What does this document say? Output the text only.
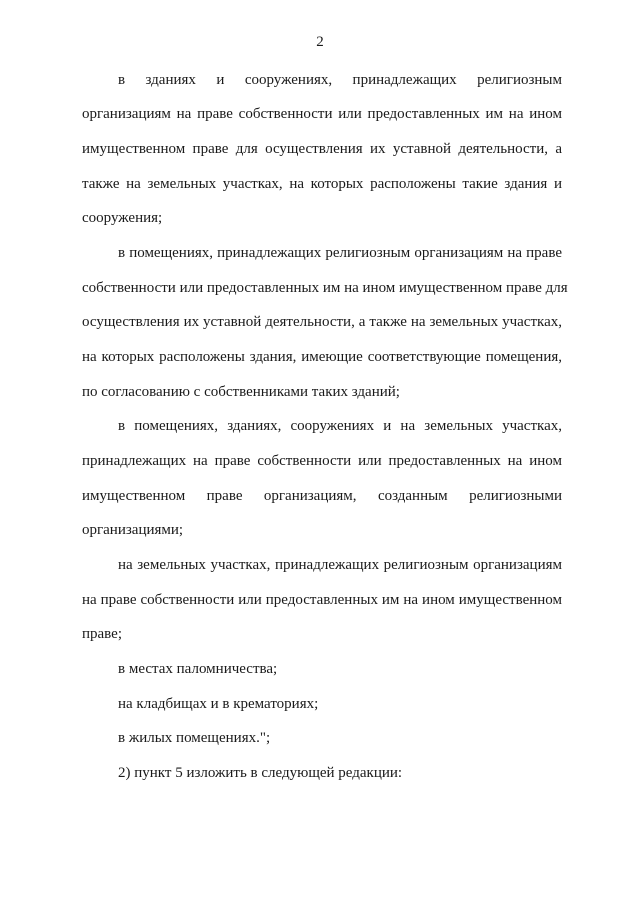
2
в зданиях и сооружениях, принадлежащих религиозным
организациям на праве собственности или предоставленных им на ином
имущественном праве для осуществления их уставной деятельности, а
также на земельных участках, на которых расположены такие здания и
сооружения;
в помещениях, принадлежащих религиозным организациям на праве
собственности или предоставленных им на ином имущественном праве для
осуществления их уставной деятельности, а также на земельных участках,
на которых расположены здания, имеющие соответствующие помещения,
по согласованию с собственниками таких зданий;
в помещениях, зданиях, сооружениях и на земельных участках,
принадлежащих на праве собственности или предоставленных на ином
имущественном праве организациям, созданным религиозными
организациями;
на земельных участках, принадлежащих религиозным организациям
на праве собственности или предоставленных им на ином имущественном
праве;
в местах паломничества;
на кладбищах и в крематориях;
в жилых помещениях.";
2) пункт 5 изложить в следующей редакции:
